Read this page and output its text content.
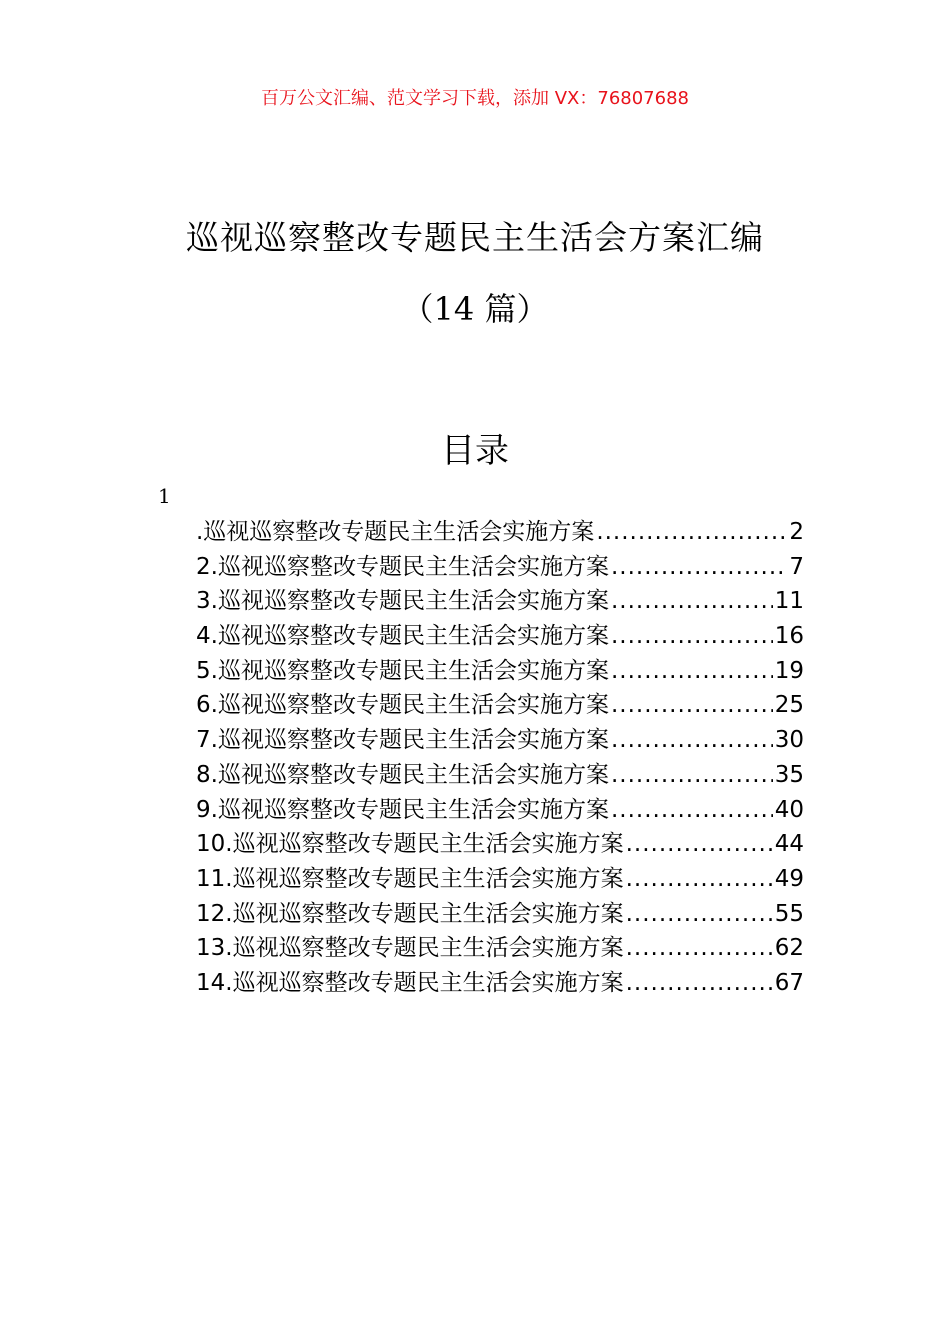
百万公文汇编、范文学习下载，添加 VX：76807688
巡视巡察整改专题民主生活会方案汇编
（14 篇）
目录
1
.巡视巡察整改专题民主生活会实施方案 .....	2
2.巡视巡察整改专题民主生活会实施方案 .....	7
3.巡视巡察整改专题民主生活会实施方案 .....	11
4.巡视巡察整改专题民主生活会实施方案 .....	16
5.巡视巡察整改专题民主生活会实施方案 .....	19
6.巡视巡察整改专题民主生活会实施方案 .....	25
7.巡视巡察整改专题民主生活会实施方案 .....	30
8.巡视巡察整改专题民主生活会实施方案 .....	35
9.巡视巡察整改专题民主生活会实施方案 .....	40
10.巡视巡察整改专题民主生活会实施方案 .....	44
11.巡视巡察整改专题民主生活会实施方案 .....	49
12.巡视巡察整改专题民主生活会实施方案 .....	55
13.巡视巡察整改专题民主生活会实施方案 .....	62
14.巡视巡察整改专题民主生活会实施方案 .....	67
